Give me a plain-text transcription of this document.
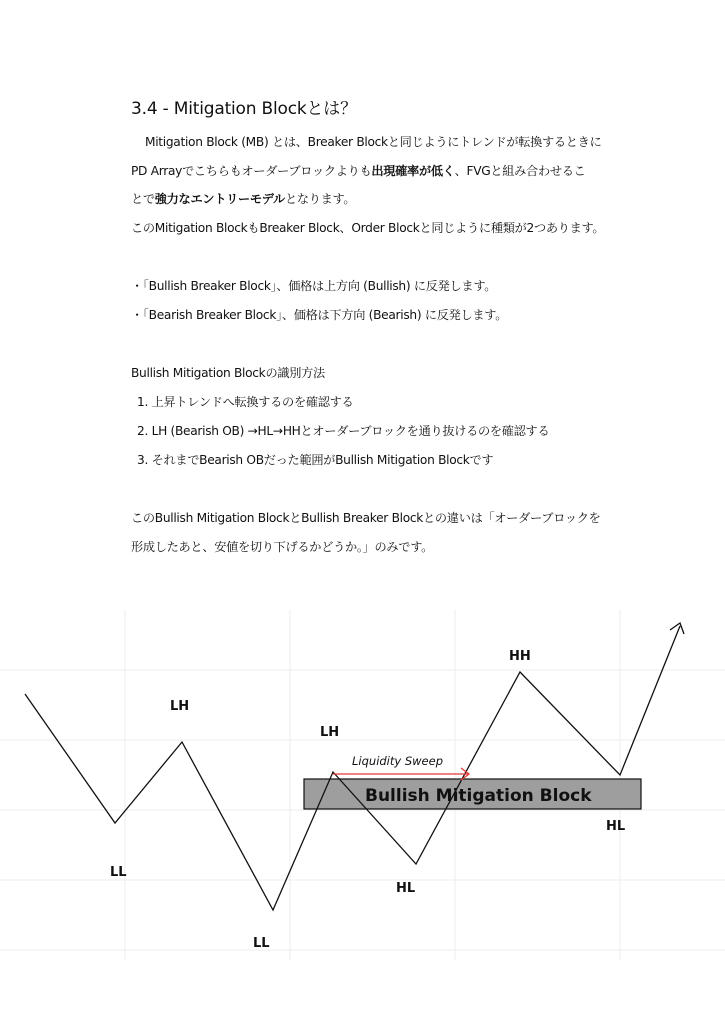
3.4 - Mitigation Blockとは？
Mitigation Block (MB) とは、Breaker Blockと同じようにトレンドが転換するときに
PD Arrayでこちらもオーダーブロックよりも出現確率が低く、FVGと組み合わせるこ
とで強力なエントリーモデルとなります。
このMitigation BlockもBreaker Block、Order Blockと同じように種類が2つあります。
・「Bullish Breaker Block」、価格は上方向 (Bullish) に反発します。
・「Bearish Breaker Block」、価格は下方向 (Bearish) に反発します。
Bullish Mitigation Blockの識別方法
1. 上昇トレンドへ転換するのを確認する
2. LH (Bearish OB) →HL→HHとオーダーブロックを通り抜けるのを確認する
3. それまでBearish OBだった範囲がBullish Mitigation Blockです
このBullish Mitigation BlockとBullish Breaker Blockとの違いは「オーダーブロックを
形成したあと、安値を切り下げるかどうか。」のみです。
Liquidity Sweep
Bullish Mitigation Block
LH
LL
LL
LH
HL
HH
HL
